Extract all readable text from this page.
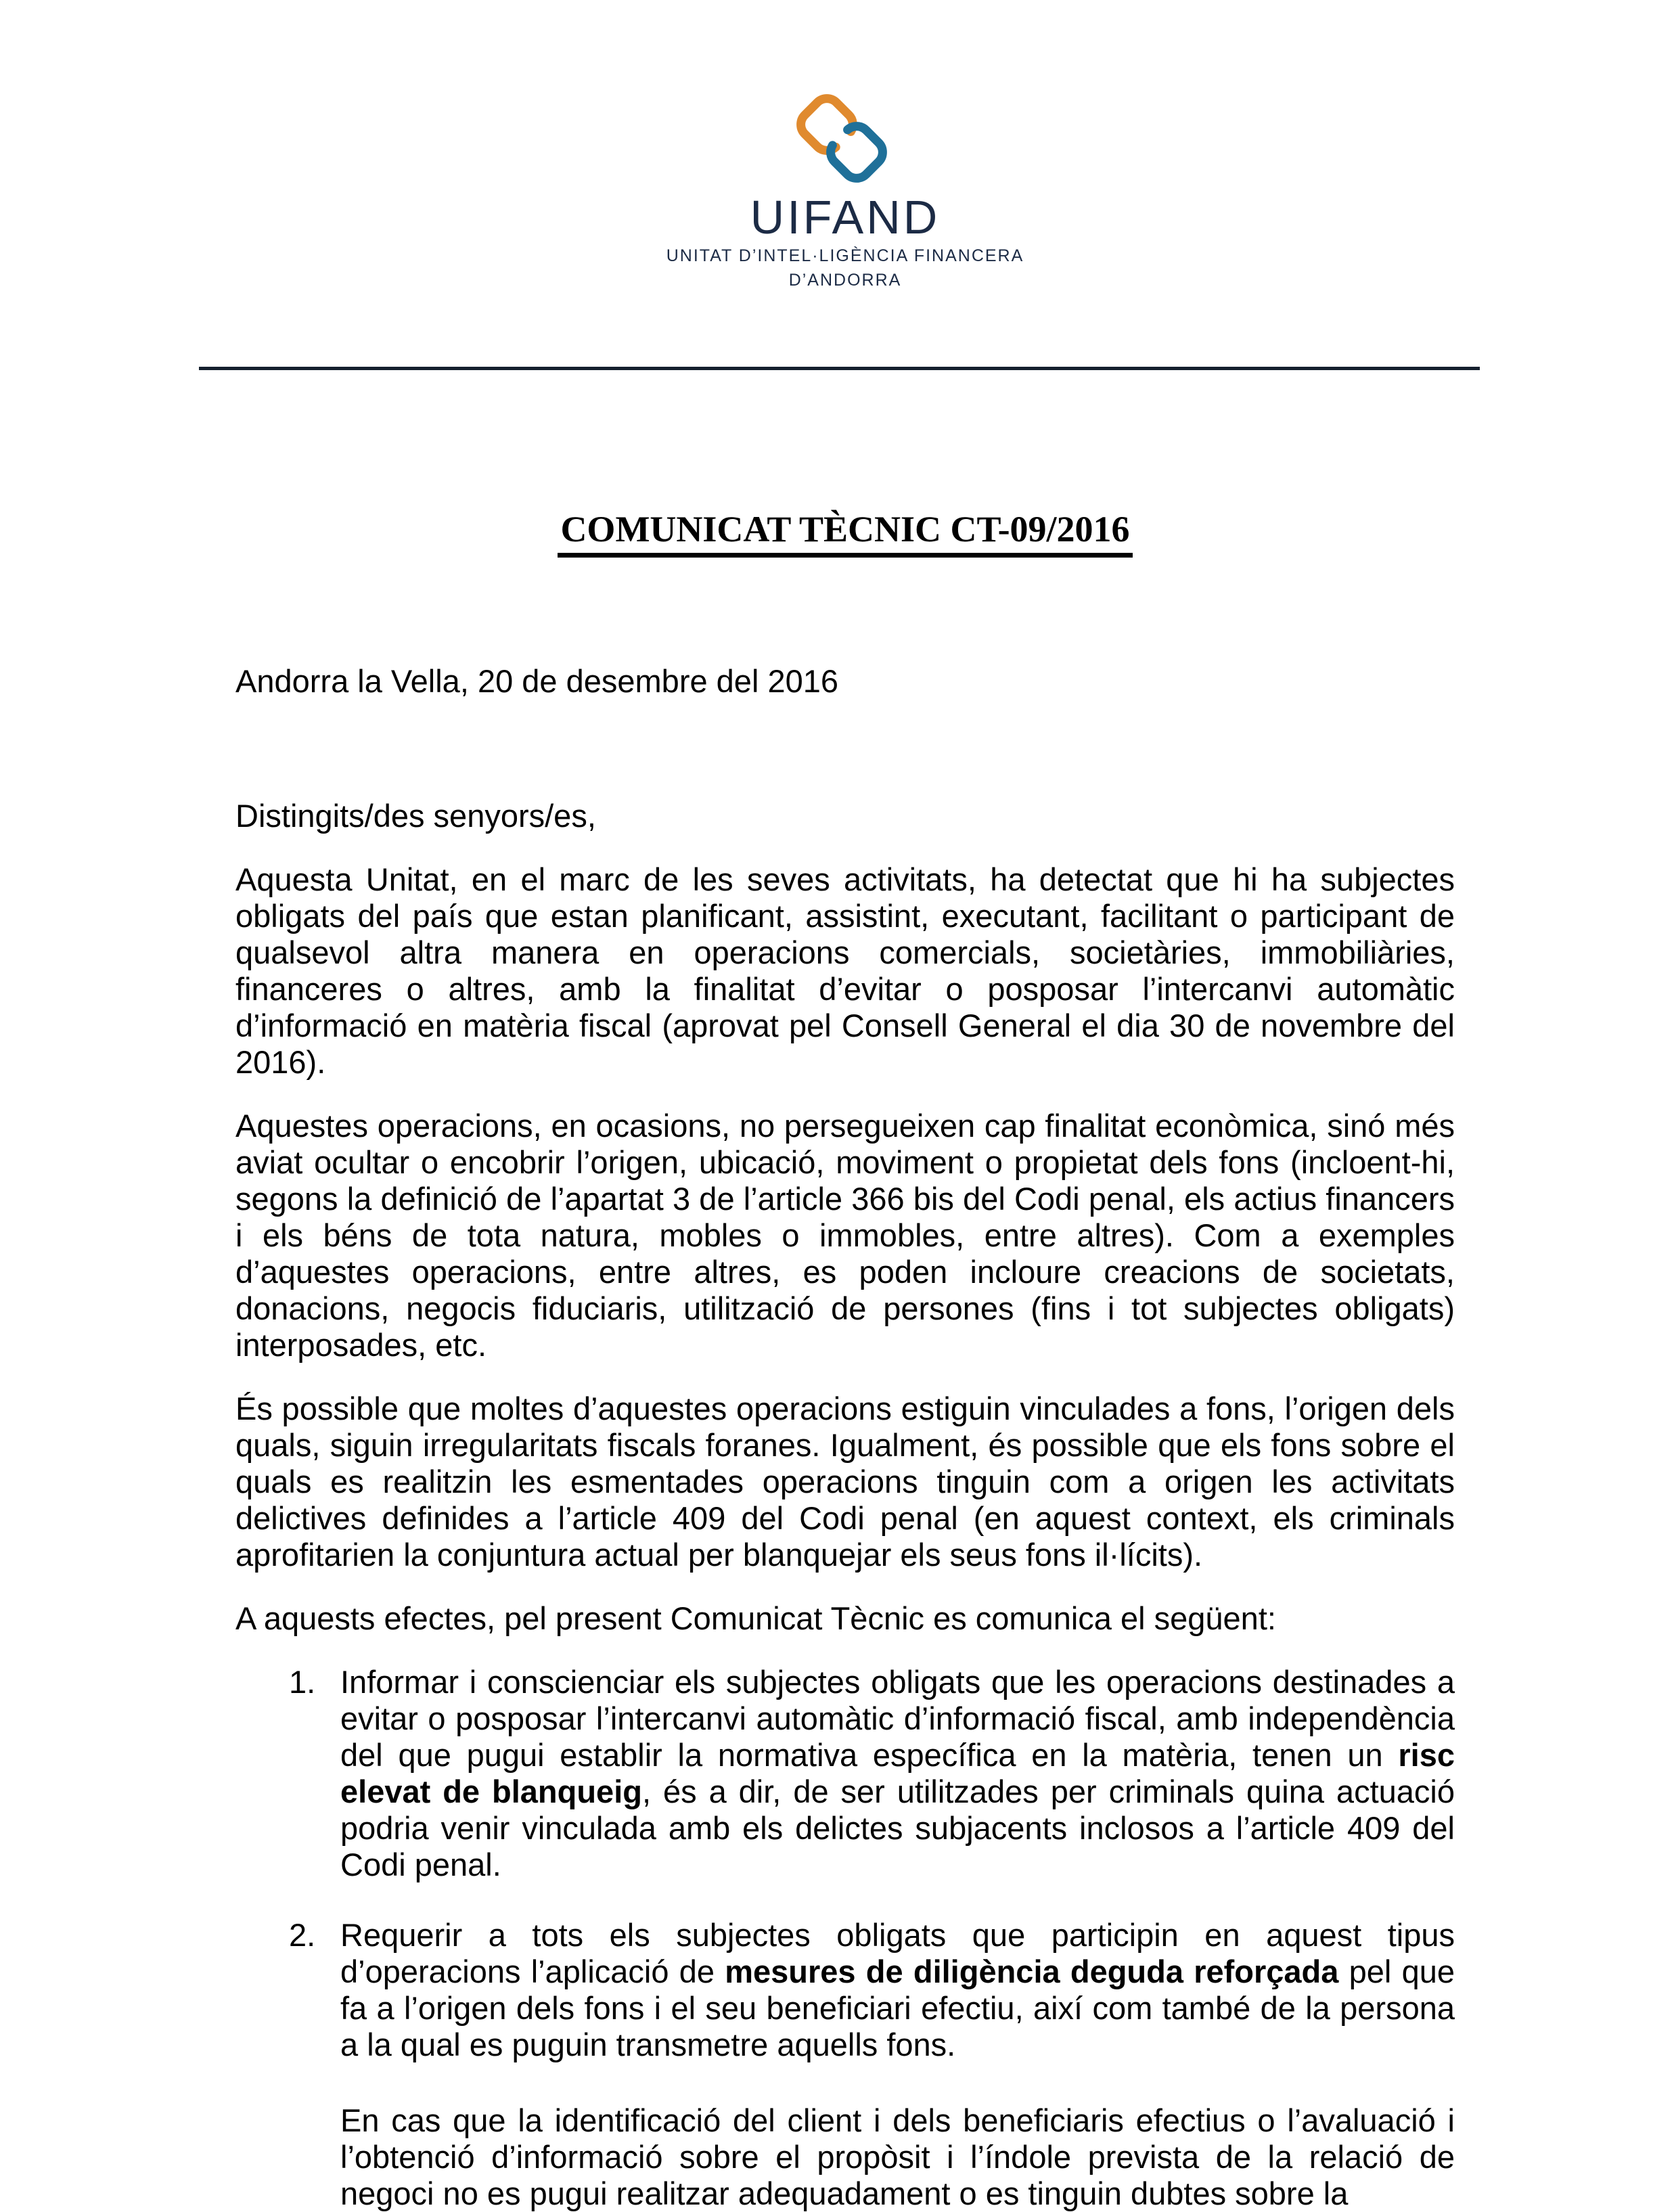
UIFAND
UNITAT D’INTEL·LIGÈNCIA FINANCERA
D’ANDORRA
COMUNICAT TÈCNIC CT-09/2016

Andorra la Vella, 20 de desembre del 2016

Distingits/des senyors/es,

Aquesta Unitat, en el marc de les seves activitats, ha detectat que hi ha subjectes obligats del país que estan planificant, assistint, executant, facilitant o participant de qualsevol altra manera en operacions comercials, societàries, immobiliàries, financeres o altres, amb la finalitat d’evitar o posposar l’intercanvi automàtic d’informació en matèria fiscal (aprovat pel Consell General el dia 30 de novembre del 2016).

Aquestes operacions, en ocasions, no persegueixen cap finalitat econòmica, sinó més aviat ocultar o encobrir l’origen, ubicació, moviment o propietat dels fons (incloent-hi, segons la definició de l’apartat 3 de l’article 366 bis del Codi penal, els actius financers i els béns de tota natura, mobles o immobles, entre altres). Com a exemples d’aquestes operacions, entre altres, es poden incloure creacions de societats, donacions, negocis fiduciaris, utilització de persones (fins i tot subjectes obligats) interposades, etc.

És possible que moltes d’aquestes operacions estiguin vinculades a fons, l’origen dels quals, siguin irregularitats fiscals foranes. Igualment, és possible que els fons sobre el quals es realitzin les esmentades operacions tinguin com a origen les activitats delictives definides a l’article 409 del Codi penal (en aquest context, els criminals aprofitarien la conjuntura actual per blanquejar els seus fons il·lícits).

A aquests efectes, pel present Comunicat Tècnic es comunica el següent:

1. Informar i conscienciar els subjectes obligats que les operacions destinades a evitar o posposar l’intercanvi automàtic d’informació fiscal, amb independència del que pugui establir la normativa específica en la matèria, tenen un risc elevat de blanqueig, és a dir, de ser utilitzades per criminals quina actuació podria venir vinculada amb els delictes subjacents inclosos a l’article 409 del Codi penal.
2. Requerir a tots els subjectes obligats que participin en aquest tipus d’operacions l’aplicació de mesures de diligència deguda reforçada pel que fa a l’origen dels fons i el seu beneficiari efectiu, així com també de la persona a la qual es puguin transmetre aquells fons.

En cas que la identificació del client i dels beneficiaris efectius o l’avaluació i l’obtenció d’informació sobre el propòsit i l’índole prevista de la relació de negoci no es pugui realitzar adequadament o es tinguin dubtes sobre la
